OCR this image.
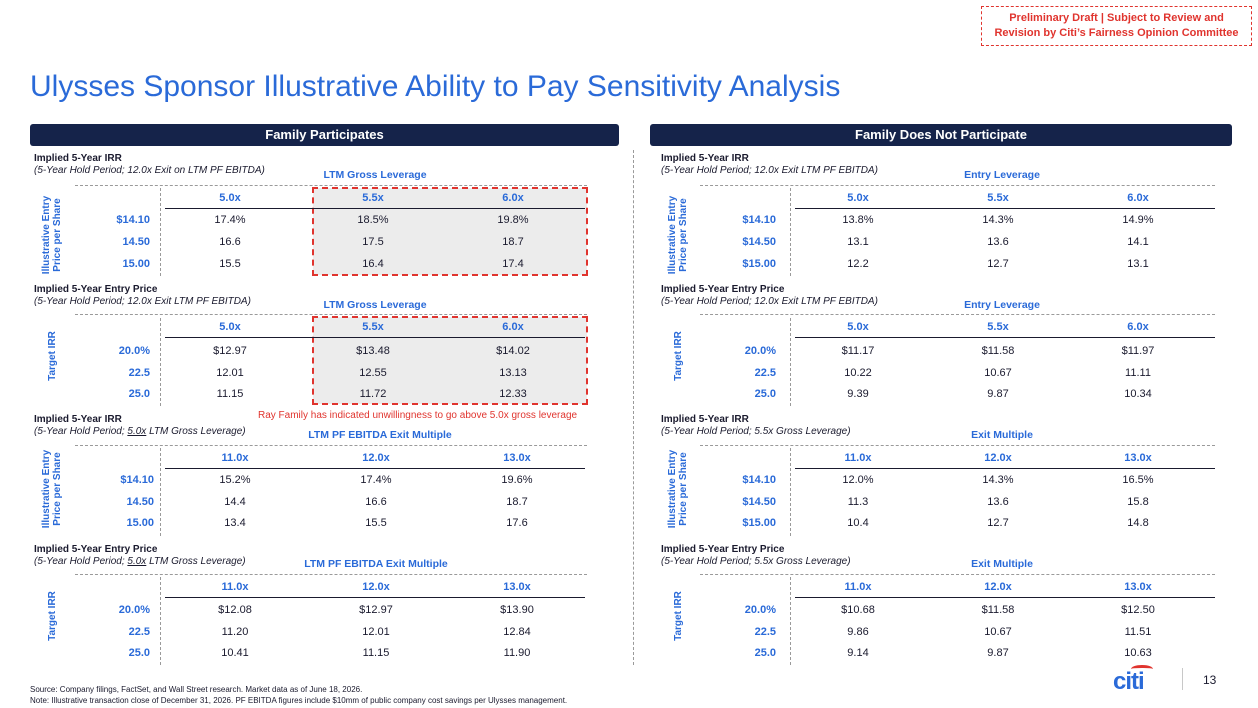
Preliminary Draft | Subject to Review and
Revision by Citi’s Fairness Opinion Committee
Ulysses Sponsor Illustrative Ability to Pay Sensitivity Analysis
Family Participates	Family Does Not Participate
Implied 5-Year IRR
(5-Year Hold Period; 12.0x Exit on LTM PF EBITDA)	LTM Gross Leverage
Illustrative Entry Price per Share
5.0x	5.5x	6.0x
$14.10	17.4%	18.5%	19.8%
14.50	16.6	17.5	18.7
15.00	15.5	16.4	17.4
Implied 5-Year Entry Price
(5-Year Hold Period; 12.0x Exit LTM PF EBITDA)	LTM Gross Leverage
Target IRR
5.0x	5.5x	6.0x
20.0%	$12.97	$13.48	$14.02
22.5	12.01	12.55	13.13
25.0	11.15	11.72	12.33
Ray Family has indicated unwillingness to go above 5.0x gross leverage
Implied 5-Year IRR
(5-Year Hold Period; 5.0x LTM Gross Leverage)	LTM PF EBITDA Exit Multiple
Illustrative Entry Price per Share	11.0x	12.0x	13.0x
$14.10	15.2%	17.4%	19.6%
14.50	14.4	16.6	18.7
15.00	13.4	15.5	17.6
Implied 5-Year Entry Price
(5-Year Hold Period; 5.0x LTM Gross Leverage)	LTM PF EBITDA Exit Multiple
Target IRR
11.0x	12.0x	13.0x
20.0%	$12.08	$12.97	$13.90
22.5	11.20	12.01	12.84
25.0	10.41	11.15	11.90
Implied 5-Year IRR
(5-Year Hold Period; 12.0x Exit LTM PF EBITDA)	Entry Leverage
Illustrative Entry Price per Share
5.0x	5.5x	6.0x
$14.10	13.8%	14.3%	14.9%
$14.50	13.1	13.6	14.1
$15.00	12.2	12.7	13.1
Implied 5-Year Entry Price
(5-Year Hold Period; 12.0x Exit LTM PF EBITDA)	Entry Leverage
Target IRR
5.0x	5.5x	6.0x
20.0%	$11.17	$11.58	$11.97
22.5	10.22	10.67	11.11
25.0	9.39	9.87	10.34
Implied 5-Year IRR
(5-Year Hold Period; 5.5x Gross Leverage)	Exit Multiple
Illustrative Entry Price per Share	11.0x	12.0x	13.0x
$14.10	12.0%	14.3%	16.5%
$14.50	11.3	13.6	15.8
$15.00	10.4	12.7	14.8
Implied 5-Year Entry Price
(5-Year Hold Period; 5.5x Gross Leverage)	Exit Multiple
Target IRR
11.0x	12.0x	13.0x
20.0%	$10.68	$11.58	$12.50
22.5	9.86	10.67	11.51
25.0	9.14	9.87	10.63
Source: Company filings, FactSet, and Wall Street research. Market data as of June 18, 2026.
Note: Illustrative transaction close of December 31, 2026. PF EBITDA figures include $10mm of public company cost savings per Ulysses management.
citi	13
